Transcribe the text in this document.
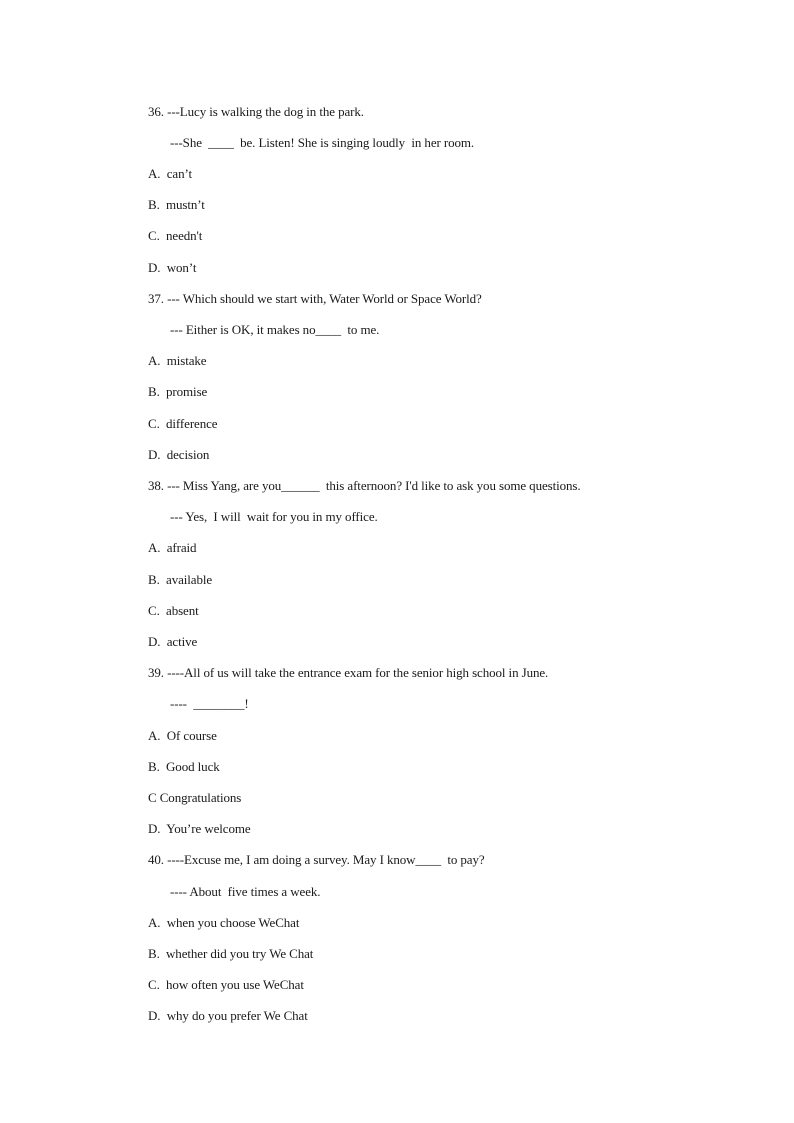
36. ---Lucy is walking the dog in the park.
---She  ____  be. Listen! She is singing loudly  in her room.
A.  can’t
B.  mustn’t
C.  needn't
D.  won’t
37. --- Which should we start with, Water World or Space World?
--- Either is OK, it makes no____  to me.
A.  mistake
B.  promise
C.  difference
D.  decision
38. --- Miss Yang, are you______  this afternoon? I'd like to ask you some questions.
--- Yes,  I will  wait for you in my office.
A.  afraid
B.  available
C.  absent
D.  active
39. ----All of us will take the entrance exam for the senior high school in June.
----  ________!
A.  Of course
B.  Good luck
C Congratulations
D.  You’re welcome
40. ----Excuse me, I am doing a survey. May I know____  to pay?
---- About  five times a week.
A.  when you choose WeChat
B.  whether did you try We Chat
C.  how often you use WeChat
D.  why do you prefer We Chat
